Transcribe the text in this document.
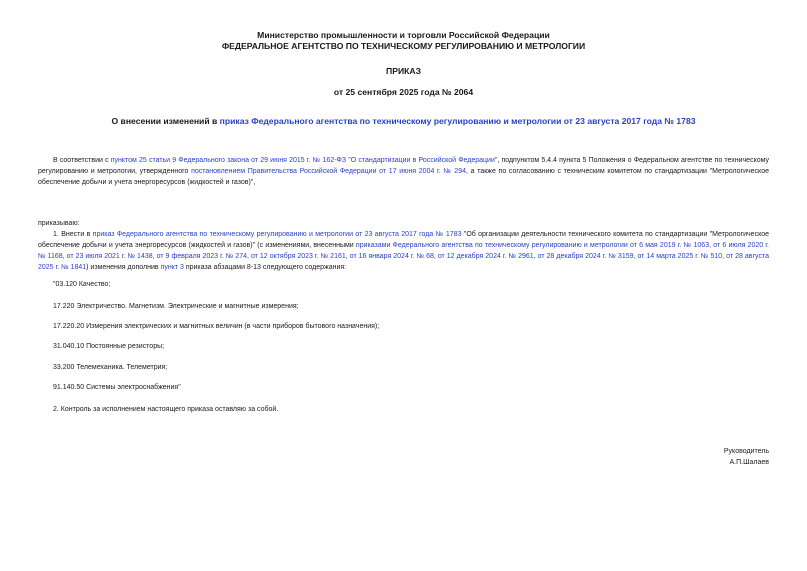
Министерство промышленности и торговли Российской Федерации
ФЕДЕРАЛЬНОЕ АГЕНТСТВО ПО ТЕХНИЧЕСКОМУ РЕГУЛИРОВАНИЮ И МЕТРОЛОГИИ
ПРИКАЗ
от 25 сентября 2025 года № 2064
О внесении изменений в приказ Федерального агентства по техническому регулированию и метрологии от 23 августа 2017 года № 1783
В соответствии с пунктом 25 статьи 9 Федерального закона от 29 июня 2015 г. № 162-ФЗ "О стандартизации в Российской Федерации", подпунктом 5.4.4 пункта 5 Положения о Федеральном агентстве по техническому регулированию и метрологии, утвержденного постановлением Правительства Российской Федерации от 17 июня 2004 г. № 294, а также по согласованию с техническим комитетом по стандартизации "Метрологическое обеспечение добычи и учета энергоресурсов (жидкостей и газов)",
приказываю:
1. Внести в приказ Федерального агентства по техническому регулированию и метрологии от 23 августа 2017 года № 1783 "Об организации деятельности технического комитета по стандартизации "Метрологическое обеспечение добычи и учета энергоресурсов (жидкостей и газов)" (с изменениями, внесенными приказами Федерального агентства по техническому регулированию и метрологии от 6 мая 2019 г. № 1063, от 6 июля 2020 г. № 1168, от 23 июля 2021 г. № 1438, от 9 февраля 2023 г. № 274, от 12 октября 2023 г. № 2161, от 16 января 2024 г. № 68, от 12 декабря 2024 г. № 2961, от 28 декабря 2024 г. № 3159, от 14 марта 2025 г. № 510, от 28 августа 2025 г. № 1841) изменения дополнив пункт 3 приказа абзацами 8-13 следующего содержания:
"03.120 Качество;
17.220 Электричество. Магнетизм. Электрические и магнитные измерения;
17.220.20 Измерения электрических и магнитных величин (в части приборов бытового назначения);
31.040.10 Постоянные резисторы;
33.200 Телемеханика. Телеметрия;
91.140.50 Системы электроснабжения"
2. Контроль за исполнением настоящего приказа оставляю за собой.
Руководитель
А.П.Шалаев
